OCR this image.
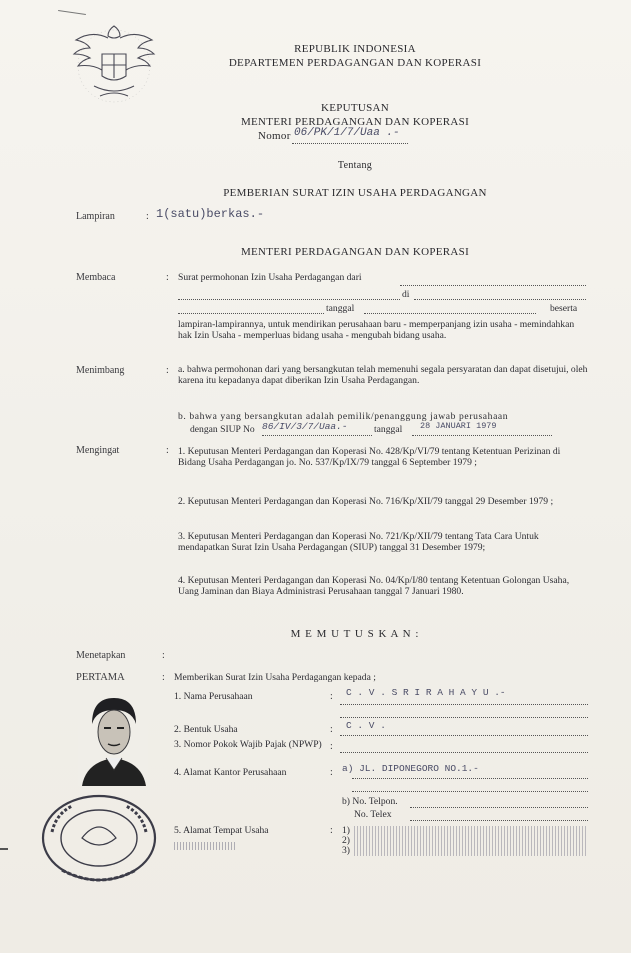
REPUBLIK INDONESIA
DEPARTEMEN PERDAGANGAN DAN KOPERASI
KEPUTUSAN
MENTERI PERDAGANGAN DAN KOPERASI
Nomor 06/PK/1/7/Uaa .-
Tentang
PEMBERIAN SURAT IZIN USAHA PERDAGANGAN
Lampiran	: 1(satu)berkas.-
MENTERI PERDAGANGAN DAN KOPERASI
Membaca	: Surat permohonan Izin Usaha Perdagangan dari
di
tanggal	beserta
lampiran-lampirannya, untuk mendirikan perusahaan baru - memperpanjang izin usaha - memindahkan hak Izin Usaha - memperluas bidang usaha - mengubah bidang usaha.
Menimbang	: a. bahwa permohonan dari yang bersangkutan telah memenuhi segala persyaratan dan dapat disetujui, oleh karena itu kepadanya dapat diberikan Izin Usaha Perdagangan.
b. bahwa yang bersangkutan adalah pemilik/penanggung jawab perusahaan
dengan SIUP No 86/IV/3/7/Uaa.-	tanggal 28 JANUARI 1979
Mengingat	: 1. Keputusan Menteri Perdagangan dan Koperasi No. 428/Kp/VI/79 tentang Ketentuan Perizinan di Bidang Usaha Perdagangan jo. No. 537/Kp/IX/79 tanggal 6 September 1979 ;
2. Keputusan Menteri Perdagangan dan Koperasi No. 716/Kp/XII/79 tanggal 29 Desember 1979 ;
3. Keputusan Menteri Perdagangan dan Koperasi No. 721/Kp/XII/79 tentang Tata Cara Untuk mendapatkan Surat Izin Usaha Perdagangan (SIUP) tanggal 31 Desember 1979;
4. Keputusan Menteri Perdagangan dan Koperasi No. 04/Kp/I/80 tentang Ketentuan Golongan Usaha, Uang Jaminan dan Biaya Administrasi Perusahaan tanggal 7 Januari 1980.
M E M U T U S K A N :
Menetapkan	:
PERTAMA	: Memberikan Surat Izin Usaha Perdagangan kepada ;
1. Nama Perusahaan	: C . V . S R I R A H A Y U .-
2. Bentuk Usaha	: C . V .
3. Nomor Pokok Wajib Pajak (NPWP) :
4. Alamat Kantor Perusahaan	: a) JL. DIPONEGORO NO.1.-
b) No. Telpon.
No. Telex
5. Alamat Tempat Usaha	: 1)
2)
3)
